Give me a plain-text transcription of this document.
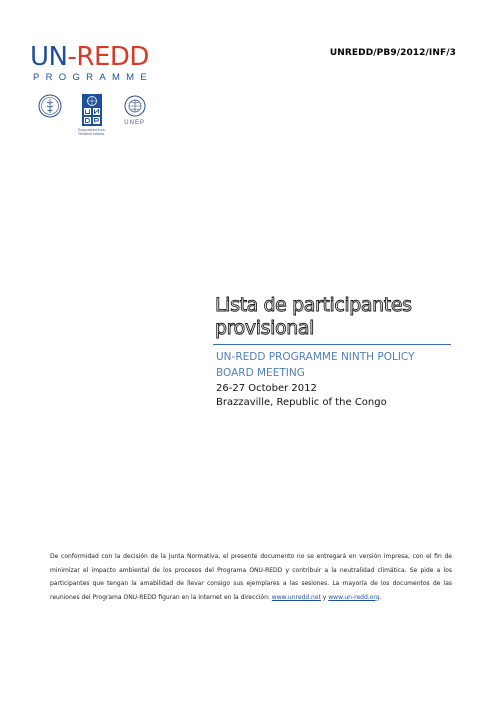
UNREDD/PB9/2012/INF/3
UN-REDD
PROGRAMME
Empowered lives.
Resilient nations.
UNEP
Lista de participantes
provisional
UN-REDD PROGRAMME NINTH POLICY
BOARD MEETING
26-27 October 2012
Brazzaville, Republic of the Congo
De conformidad con la decisión de la Junta Normativa, el presente documento no se entregará en versión impresa, con el fin de minimizar el impacto ambiental de los procesos del Programa ONU-REDD y contribuir a la neutralidad climática. Se pide a los participantes que tengan la amabilidad de llevar consigo sus ejemplares a las sesiones. La mayoría de los documentos de las reuniones del Programa ONU-REDD figuran en la Internet en la dirección: www.unredd.net y www.un-redd.org.
